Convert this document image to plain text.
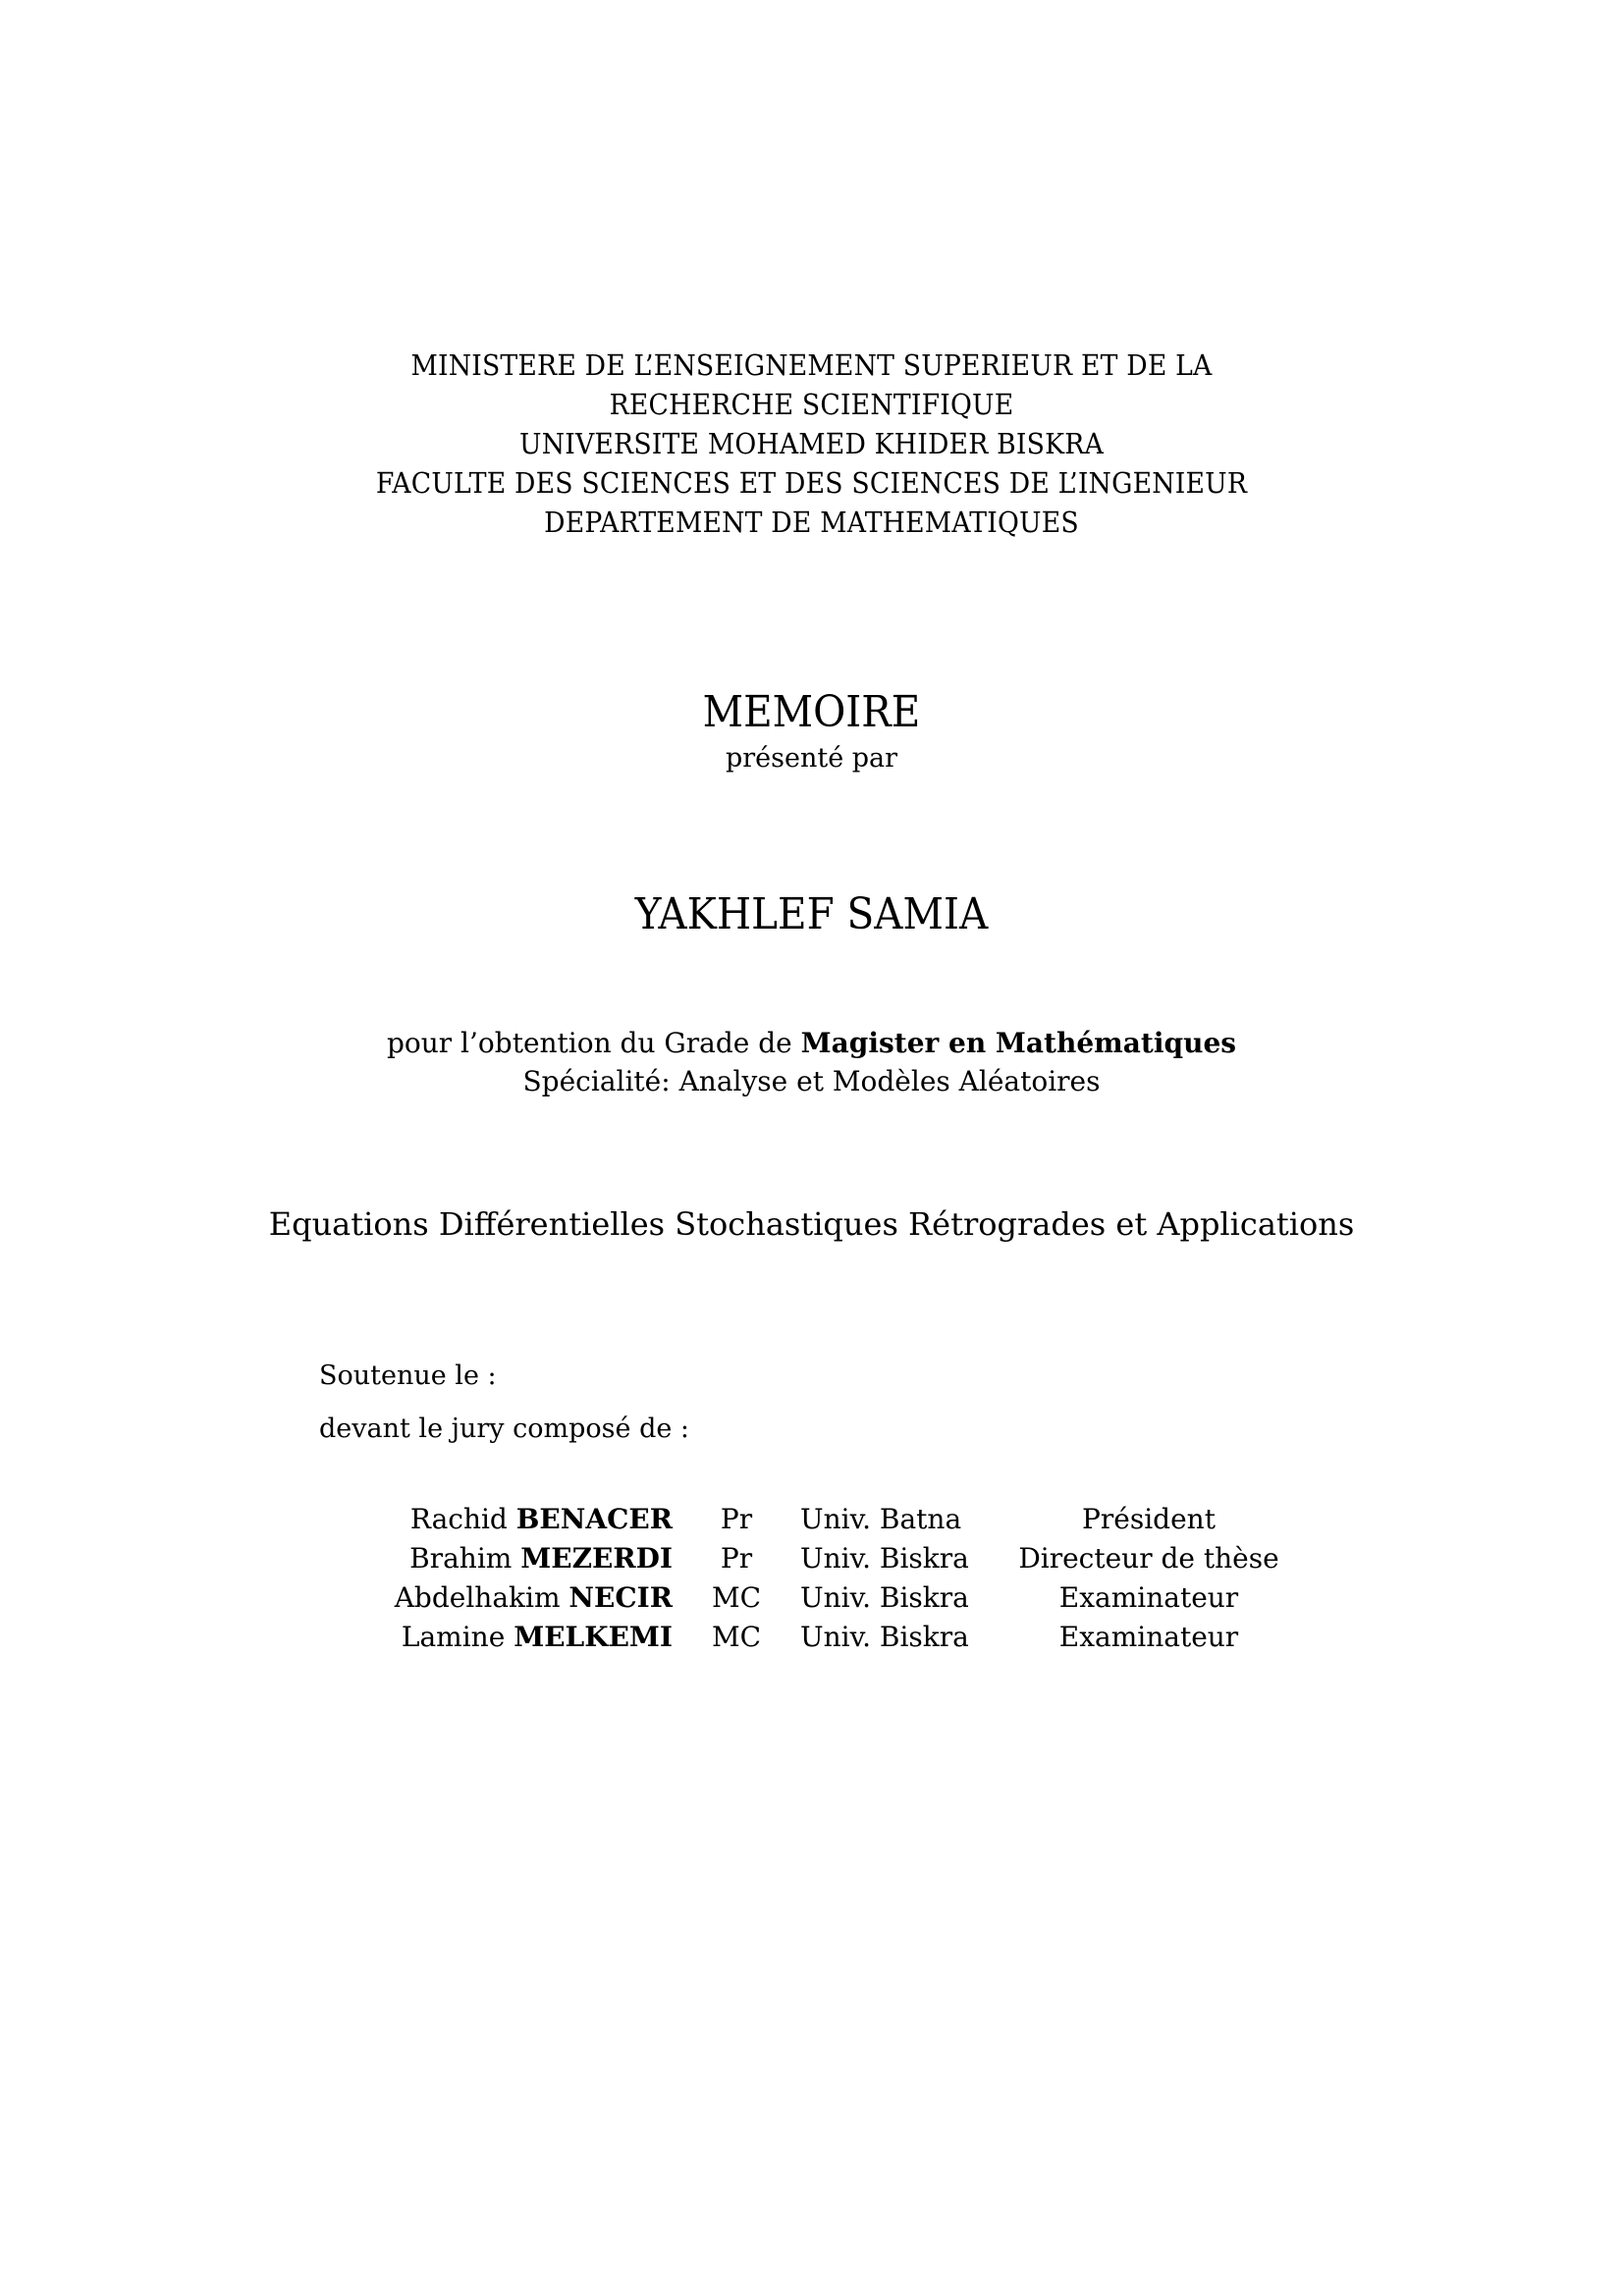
MINISTERE DE L’ENSEIGNEMENT SUPERIEUR ET DE LA
RECHERCHE SCIENTIFIQUE
UNIVERSITE MOHAMED KHIDER BISKRA
FACULTE DES SCIENCES ET DES SCIENCES DE L’INGENIEUR
DEPARTEMENT DE MATHEMATIQUES
MEMOIRE
présenté par
YAKHLEF SAMIA
pour l’obtention du Grade de Magister en Mathématiques
Spécialité: Analyse et Modèles Aléatoires
Equations Différentielles Stochastiques Rétrogrades et Applications
Soutenue le :
devant le jury composé de :
Rachid BENACER	Pr	Univ. Batna	Président
Brahim MEZERDI	Pr	Univ. Biskra	Directeur de thèse
Abdelhakim NECIR	MC	Univ. Biskra	Examinateur
Lamine MELKEMI	MC	Univ. Biskra	Examinateur
